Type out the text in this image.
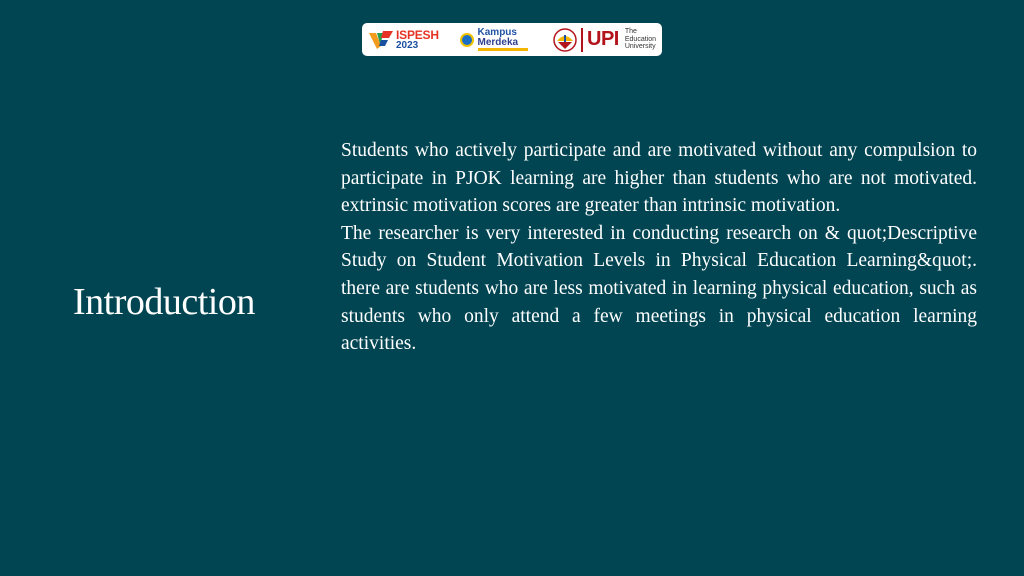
ISPESH
2023
Kampus
Merdeka	UPI The
Education
University
Introduction

Students who actively participate and are motivated without any compulsion to participate in PJOK learning are higher than students who are not motivated. extrinsic motivation scores are greater than intrinsic motivation.

The researcher is very interested in conducting research on & quot;Descriptive Study on Student Motivation Levels in Physical Education Learning&quot;. there are students who are less motivated in learning physical education, such as students who only attend a few meetings in physical education learning activities.
